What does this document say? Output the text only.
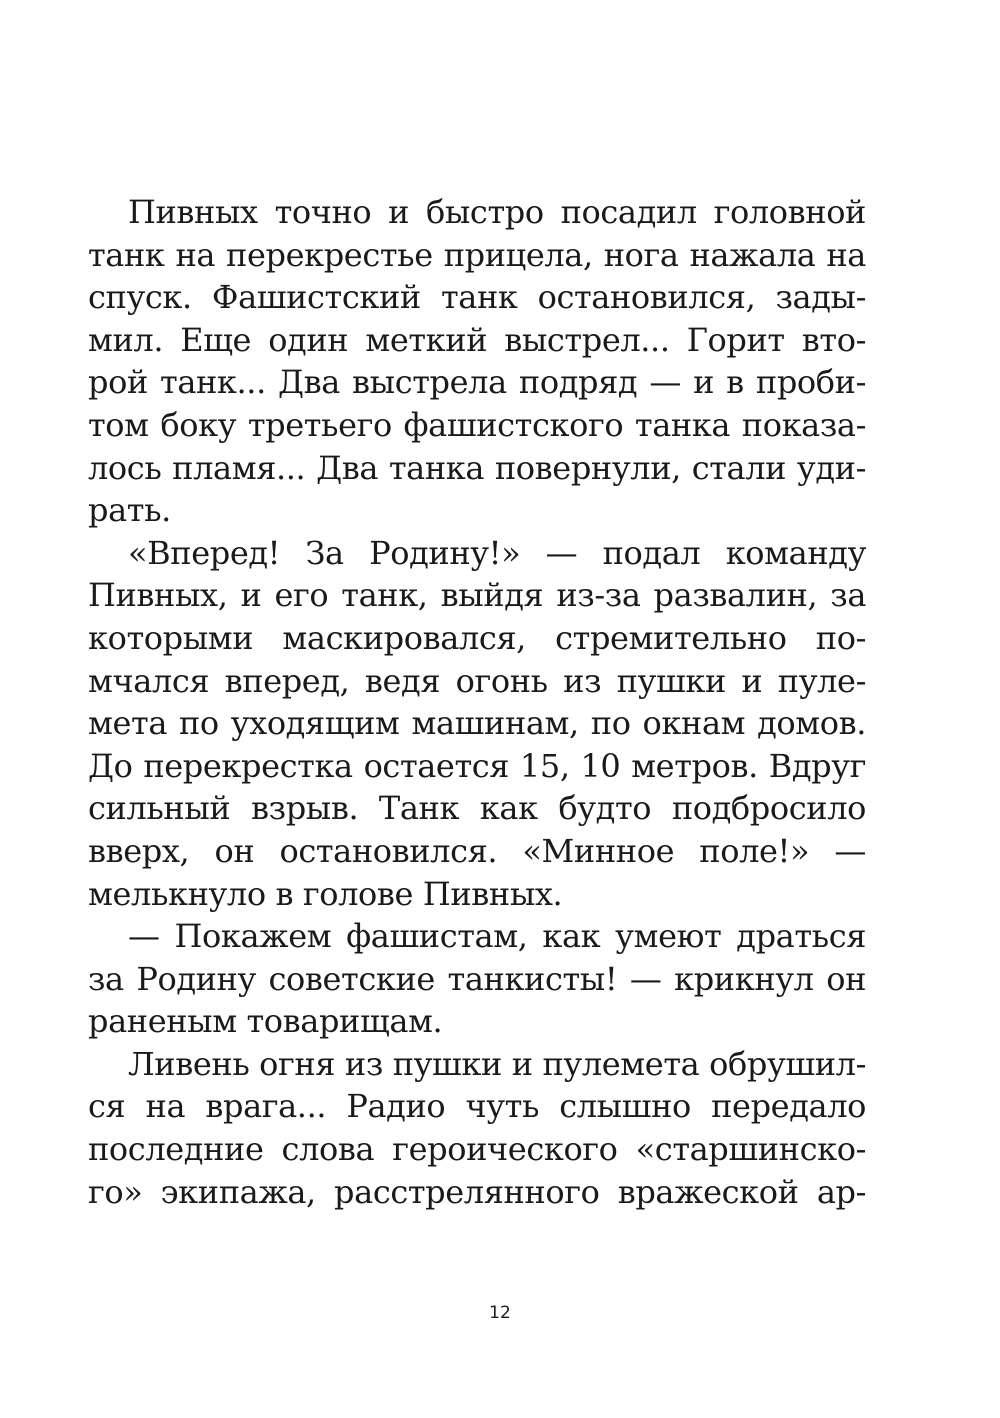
Пивных точно и быстро посадил головной
танк на перекрестье прицела, нога нажала на
спуск. Фашистский танк остановился, зады-
мил. Еще один меткий выстрел... Горит вто-
рой танк... Два выстрела подряд — и в проби-
том боку третьего фашистского танка показа-
лось пламя... Два танка повернули, стали уди-
рать.

«Вперед! За Родину!» — подал команду
Пивных, и его танк, выйдя из-за развалин, за
которыми маскировался, стремительно по-
мчался вперед, ведя огонь из пушки и пуле-
мета по уходящим машинам, по окнам домов.
До перекрестка остается 15, 10 метров. Вдруг
сильный взрыв. Танк как будто подбросило
вверх, он остановился. «Минное поле!» —
мелькнуло в голове Пивных.

— Покажем фашистам, как умеют драться
за Родину советские танкисты! — крикнул он
раненым товарищам.

Ливень огня из пушки и пулемета обрушил-
ся на врага... Радио чуть слышно передало
последние слова героического «старшинско-
го» экипажа, расстрелянного вражеской ар-

12
